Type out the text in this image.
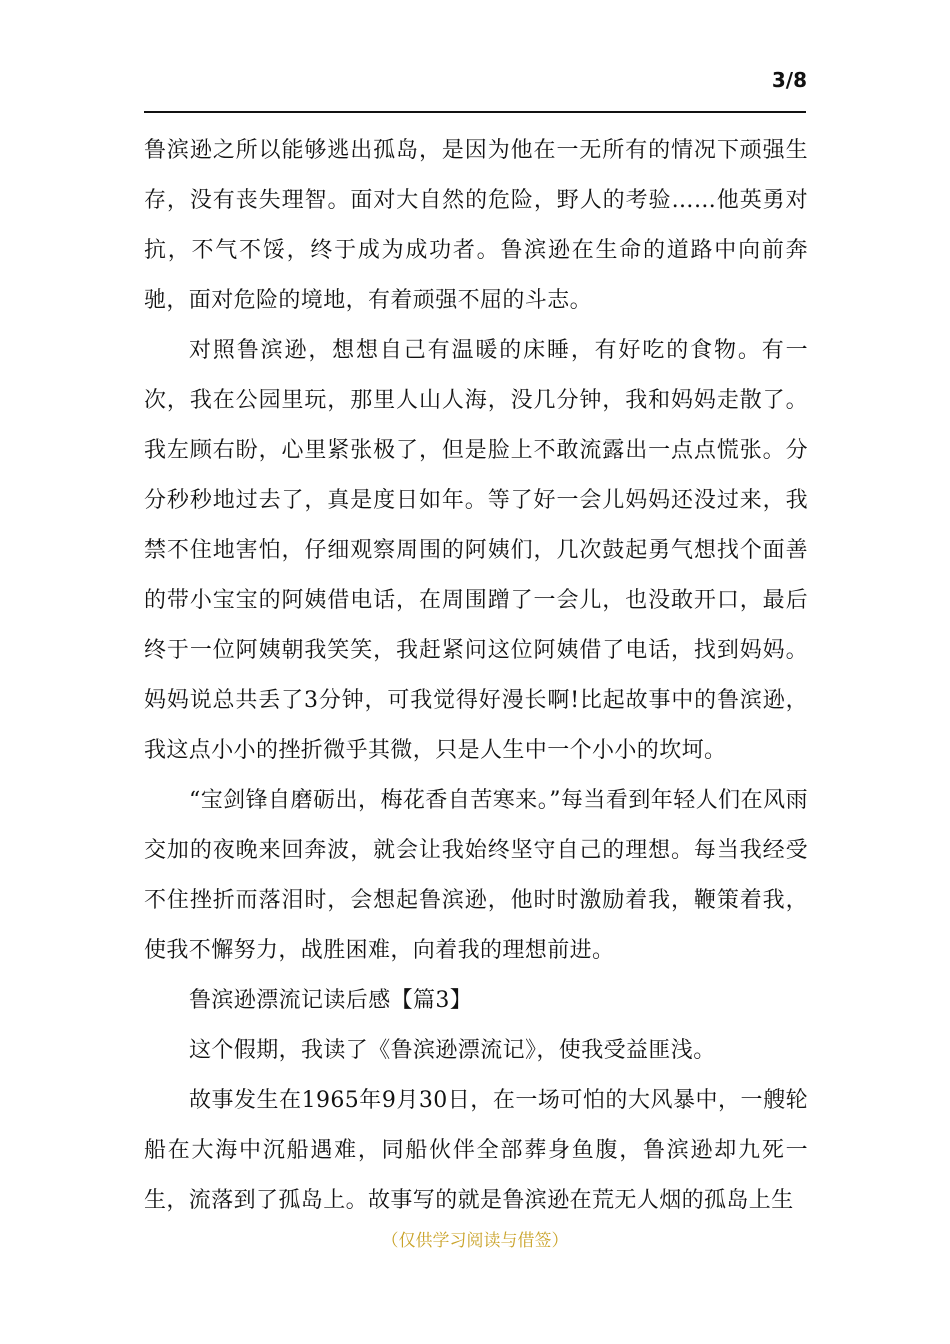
3/8

鲁滨逊之所以能够逃出孤岛，是因为他在一无所有的情况下顽强生存，没有丧失理智。面对大自然的危险，野人的考验……他英勇对抗，不气不馁，终于成为成功者。鲁滨逊在生命的道路中向前奔驰，面对危险的境地，有着顽强不屈的斗志。

对照鲁滨逊，想想自己有温暖的床睡，有好吃的食物。有一次，我在公园里玩，那里人山人海，没几分钟，我和妈妈走散了。我左顾右盼，心里紧张极了，但是脸上不敢流露出一点点慌张。分分秒秒地过去了，真是度日如年。等了好一会儿妈妈还没过来，我禁不住地害怕，仔细观察周围的阿姨们，几次鼓起勇气想找个面善的带小宝宝的阿姨借电话，在周围蹭了一会儿，也没敢开口，最后终于一位阿姨朝我笑笑，我赶紧问这位阿姨借了电话，找到妈妈。妈妈说总共丢了3分钟，可我觉得好漫长啊!比起故事中的鲁滨逊，我这点小小的挫折微乎其微，只是人生中一个小小的坎坷。

“宝剑锋自磨砺出，梅花香自苦寒来。”每当看到年轻人们在风雨交加的夜晚来回奔波，就会让我始终坚守自己的理想。每当我经受不住挫折而落泪时，会想起鲁滨逊，他时时激励着我，鞭策着我，使我不懈努力，战胜困难，向着我的理想前进。

鲁滨逊漂流记读后感【篇3】

这个假期，我读了《鲁滨逊漂流记》，使我受益匪浅。

故事发生在1965年9月30日，在一场可怕的大风暴中，一艘轮船在大海中沉船遇难，同船伙伴全部葬身鱼腹，鲁滨逊却九死一生，流落到了孤岛上。故事写的就是鲁滨逊在荒无人烟的孤岛上生

（仅供学习阅读与借签）
